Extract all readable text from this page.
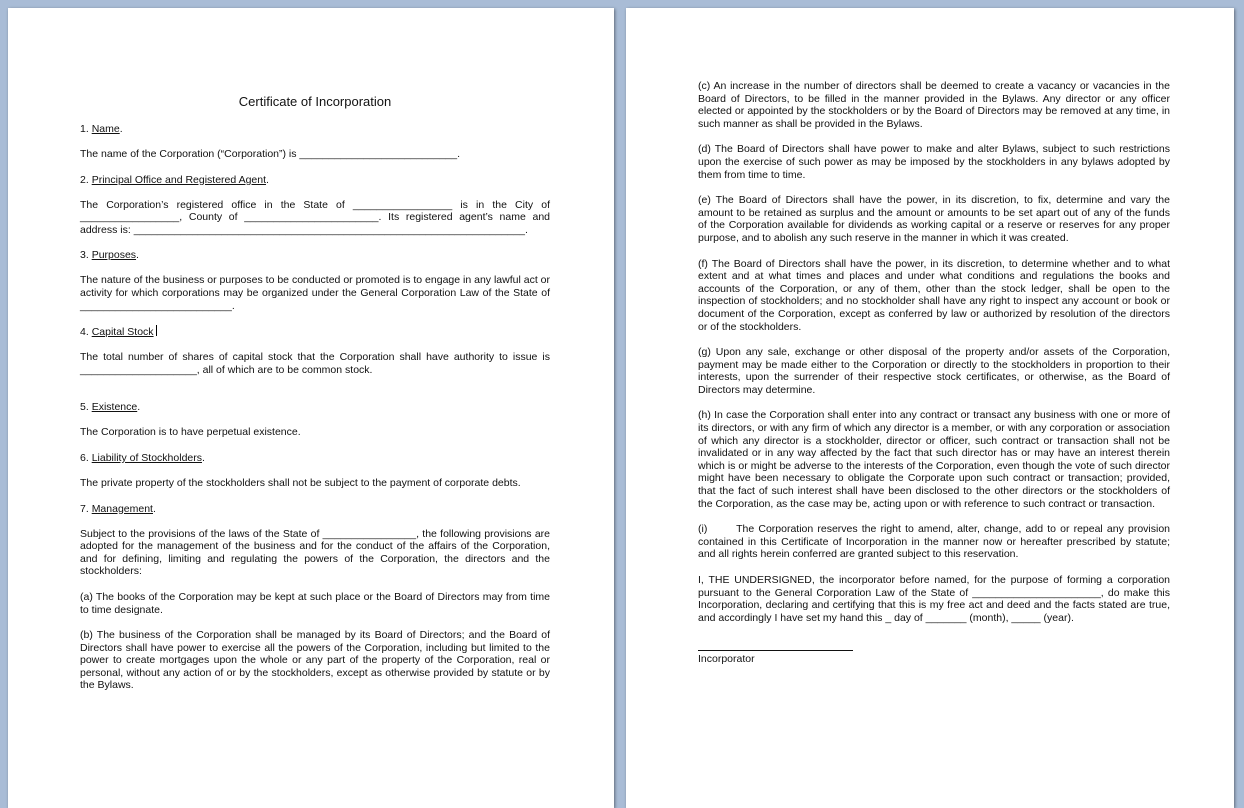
Certificate of Incorporation
1. Name.

The name of the Corporation (“Corporation”) is ___________________________.

2. Principal Office and Registered Agent.

The Corporation’s registered office in the State of _________________ is in the City of _________________, County of _______________________. Its registered agent’s name and address is: ___________________________________________________________________.

3. Purposes.

The nature of the business or purposes to be conducted or promoted is to engage in any lawful act or activity for which corporations may be organized under the General Corporation Law of the State of __________________________.

4. Capital Stock

The total number of shares of capital stock that the Corporation shall have authority to issue is ____________________, all of which are to be common stock.

5. Existence.

The Corporation is to have perpetual existence.

6. Liability of Stockholders.

The private property of the stockholders shall not be subject to the payment of corporate debts.

7. Management.

Subject to the provisions of the laws of the State of ________________, the following provisions are adopted for the management of the business and for the conduct of the affairs of the Corporation, and for defining, limiting and regulating the powers of the Corporation, the directors and the stockholders:

(a) The books of the Corporation may be kept at such place or the Board of Directors may from time to time designate.

(b) The business of the Corporation shall be managed by its Board of Directors; and the Board of Directors shall have power to exercise all the powers of the Corporation, including but limited to the power to create mortgages upon the whole or any part of the property of the Corporation, real or personal, without any action of or by the stockholders, except as otherwise provided by statute or by the Bylaws.

(c) An increase in the number of directors shall be deemed to create a vacancy or vacancies in the Board of Directors, to be filled in the manner provided in the Bylaws. Any director or any officer elected or appointed by the stockholders or by the Board of Directors may be removed at any time, in such manner as shall be provided in the Bylaws.

(d) The Board of Directors shall have power to make and alter Bylaws, subject to such restrictions upon the exercise of such power as may be imposed by the stockholders in any bylaws adopted by them from time to time.

(e) The Board of Directors shall have the power, in its discretion, to fix, determine and vary the amount to be retained as surplus and the amount or amounts to be set apart out of any of the funds of the Corporation available for dividends as working capital or a reserve or reserves for any proper purpose, and to abolish any such reserve in the manner in which it was created.

(f) The Board of Directors shall have the power, in its discretion, to determine whether and to what extent and at what times and places and under what conditions and regulations the books and accounts of the Corporation, or any of them, other than the stock ledger, shall be open to the inspection of stockholders; and no stockholder shall have any right to inspect any account or book or document of the Corporation, except as conferred by law or authorized by resolution of the directors or of the stockholders.

(g) Upon any sale, exchange or other disposal of the property and/or assets of the Corporation, payment may be made either to the Corporation or directly to the stockholders in proportion to their interests, upon the surrender of their respective stock certificates, or otherwise, as the Board of Directors may determine.

(h) In case the Corporation shall enter into any contract or transact any business with one or more of its directors, or with any firm of which any director is a member, or with any corporation or association of which any director is a stockholder, director or officer, such contract or transaction shall not be invalidated or in any way affected by the fact that such director has or may have an interest therein which is or might be adverse to the interests of the Corporation, even though the vote of such director might have been necessary to obligate the Corporate upon such contract or transaction; provided, that the fact of such interest shall have been disclosed to the other directors or the stockholders of the Corporation, as the case may be, acting upon or with reference to such contract or transaction.

(i)       The Corporation reserves the right to amend, alter, change, add to or repeal any provision contained in this Certificate of Incorporation in the manner now or hereafter prescribed by statute; and all rights herein conferred are granted subject to this reservation.

I, THE UNDERSIGNED, the incorporator before named, for the purpose of forming a corporation pursuant to the General Corporation Law of the State of ______________________, do make this Incorporation, declaring and certifying that this is my free act and deed and the facts stated are true, and accordingly I have set my hand this _ day of _______ (month), _____ (year).

Incorporator
